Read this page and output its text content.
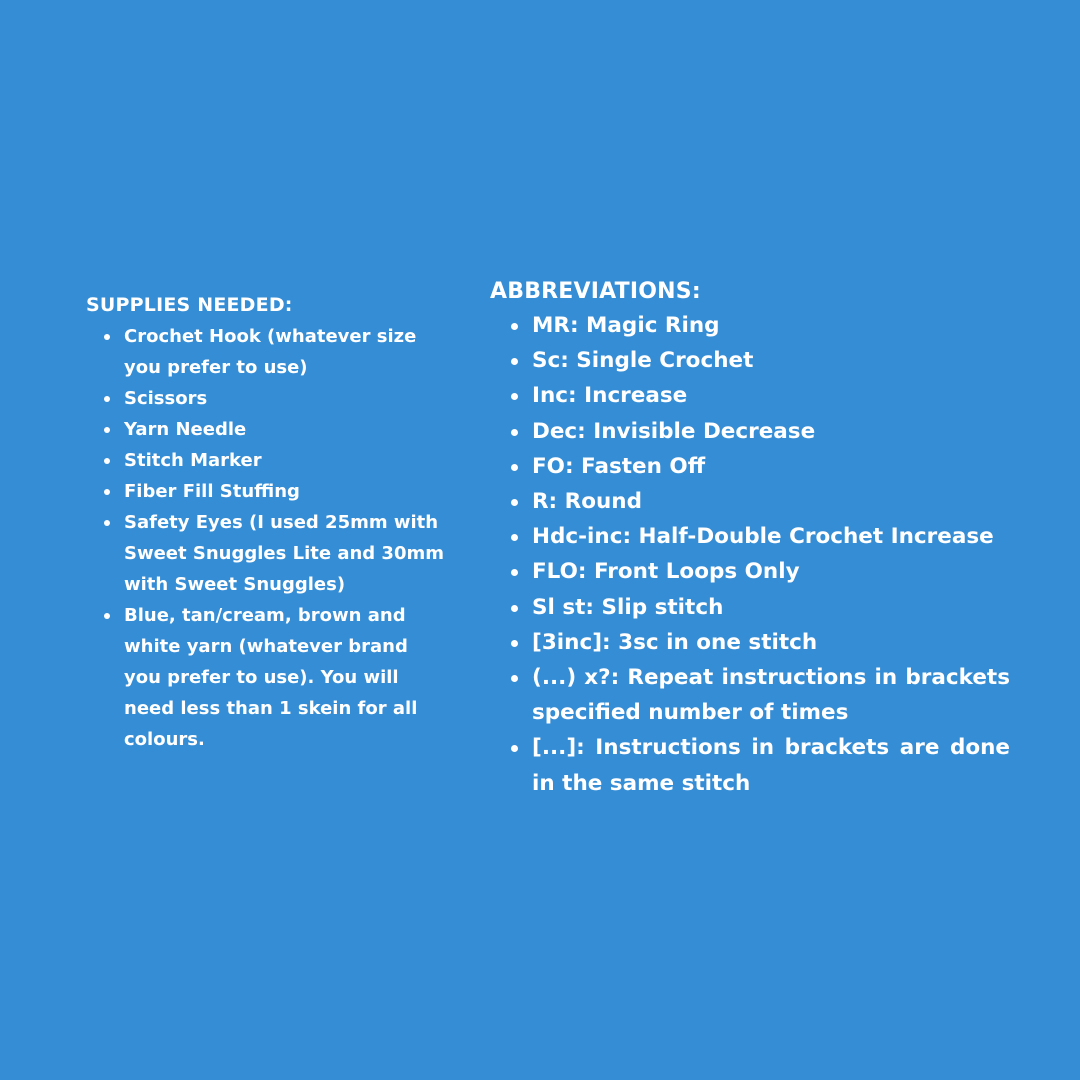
SUPPLIES NEEDED:
Crochet Hook (whatever size you prefer to use)
Scissors
Yarn Needle
Stitch Marker
Fiber Fill Stuffing
Safety Eyes (I used 25mm with Sweet Snuggles Lite and 30mm with Sweet Snuggles)
Blue, tan/cream, brown and white yarn (whatever brand you prefer to use). You will need less than 1 skein for all colours.
ABBREVIATIONS:
MR: Magic Ring
Sc: Single Crochet
Inc: Increase
Dec: Invisible Decrease
FO: Fasten Off
R: Round
Hdc-inc: Half-Double Crochet Increase
FLO: Front Loops Only
Sl st: Slip stitch
[3inc]: 3sc in one stitch
(...) x?: Repeat instructions in brackets specified number of times
[...]: Instructions in brackets are done in the same stitch
